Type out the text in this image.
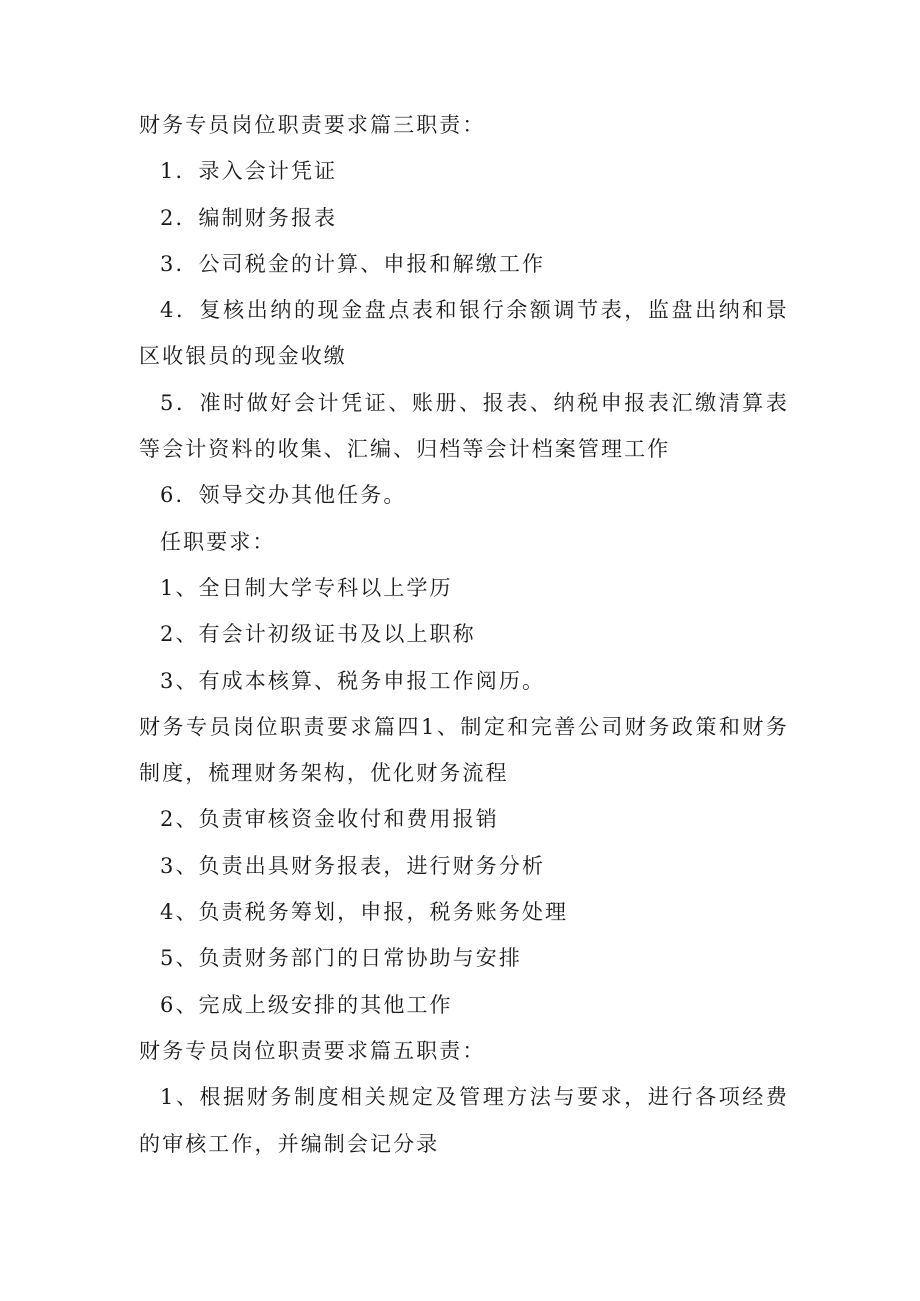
财务专员岗位职责要求篇三职责：
1．录入会计凭证
2．编制财务报表
3．公司税金的计算、申报和解缴工作
4．复核出纳的现金盘点表和银行余额调节表，监盘出纳和景
区收银员的现金收缴
5．准时做好会计凭证、账册、报表、纳税申报表汇缴清算表
等会计资料的收集、汇编、归档等会计档案管理工作
6．领导交办其他任务。
任职要求：
1、全日制大学专科以上学历
2、有会计初级证书及以上职称
3、有成本核算、税务申报工作阅历。
财务专员岗位职责要求篇四1、制定和完善公司财务政策和财务
制度，梳理财务架构，优化财务流程
2、负责审核资金收付和费用报销
3、负责出具财务报表，进行财务分析
4、负责税务筹划，申报，税务账务处理
5、负责财务部门的日常协助与安排
6、完成上级安排的其他工作
财务专员岗位职责要求篇五职责：
1、根据财务制度相关规定及管理方法与要求，进行各项经费
的审核工作，并编制会记分录
